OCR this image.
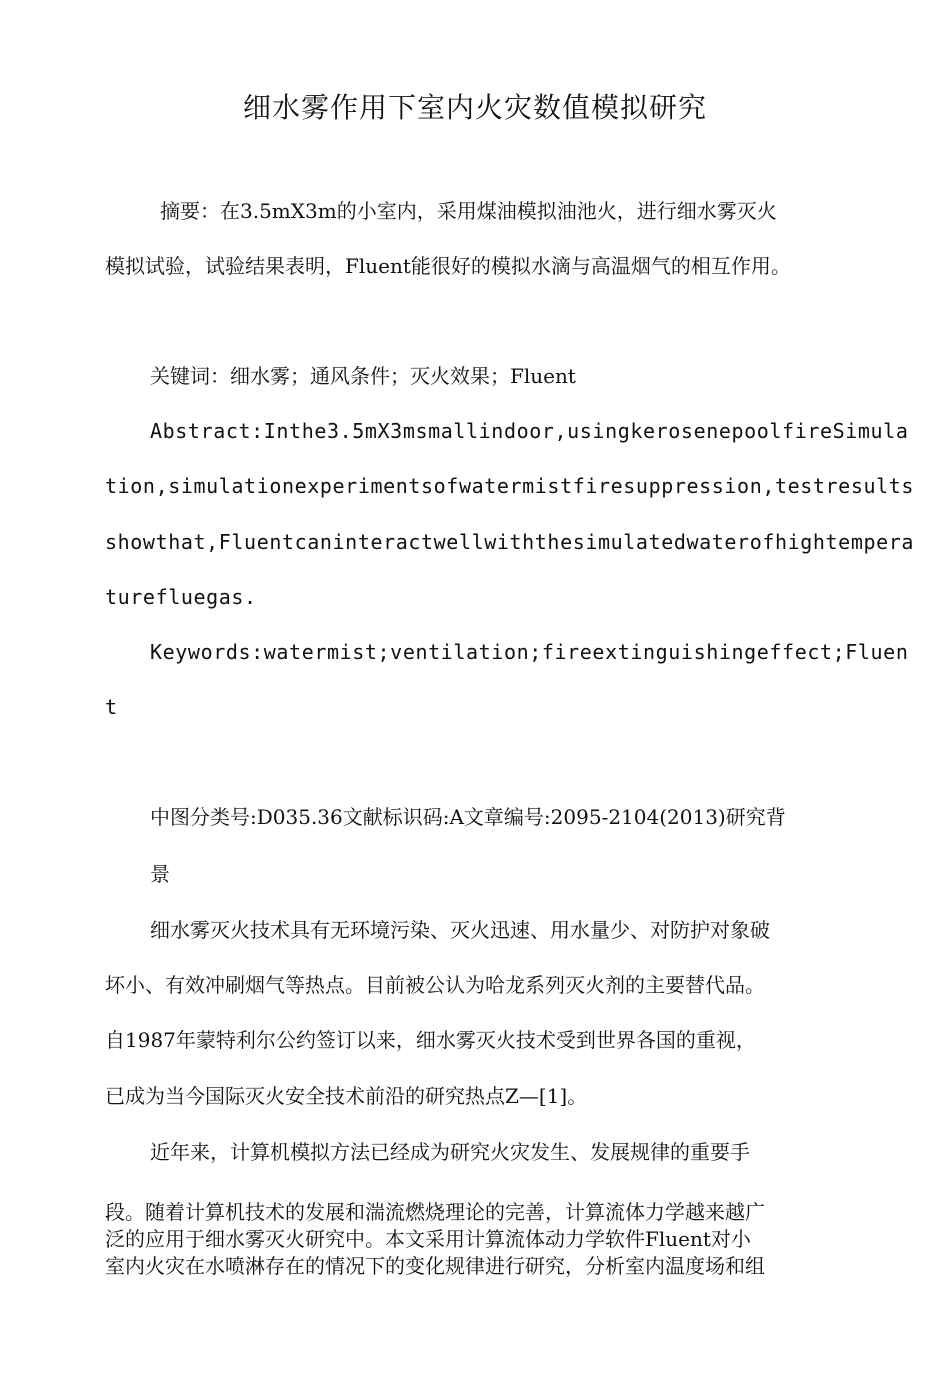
细水雾作用下室内火灾数值模拟研究

摘要：在3.5mX3m的小室内，采用煤油模拟油池火，进行细水雾灭火

模拟试验，试验结果表明，Fluent能很好的模拟水滴与高温烟气的相互作用。

关键词：细水雾；通风条件；灭火效果；Fluent

Abstract:Inthe3.5mX3msmallindoor,usingkerosenepoolfireSimula

tion,simulationexperimentsofwatermistfiresuppression,testresults

showthat,Fluentcaninteractwellwiththesimulatedwaterofhightempera

turefluegas.

Keywords:watermist;ventilation;fireextinguishingeffect;Fluen

t

中图分类号:D035.36文献标识码:A文章编号:2095-2104(2013)研究背

景

细水雾灭火技术具有无环境污染、灭火迅速、用水量少、对防护对象破

坏小、有效冲刷烟气等热点。目前被公认为哈龙系列灭火剂的主要替代品。

自1987年蒙特利尔公约签订以来，细水雾灭火技术受到世界各国的重视，

已成为当今国际灭火安全技术前沿的研究热点Z—[1]。

近年来，计算机模拟方法已经成为研究火灾发生、发展规律的重要手

段。随着计算机技术的发展和湍流燃烧理论的完善，计算流体力学越来越广

泛的应用于细水雾灭火研究中。本文采用计算流体动力学软件Fluent对小

室内火灾在水喷淋存在的情况下的变化规律进行研究，分析室内温度场和组
